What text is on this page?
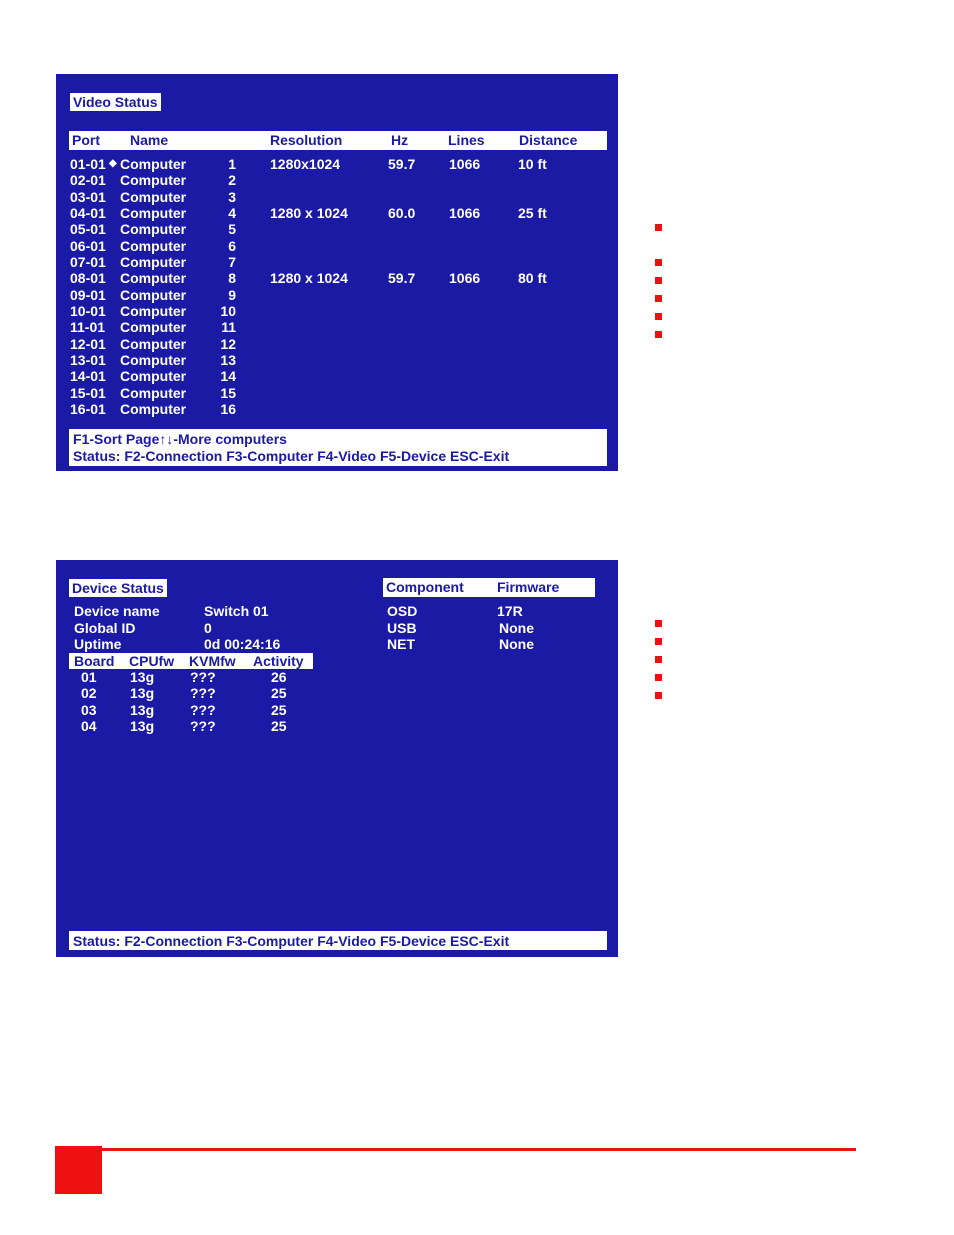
Video Status
Port Name	Resolution	Hz	Lines Distance
01-01 ◆ Computer	1 1280x1024	59.7 1066	10 ft
02-01 Computer	2
03-01 Computer	3
04-01 Computer	4 1280 x 1024	60.0 1066	25 ft
05-01 Computer	5
06-01 Computer	6
07-01 Computer	7
08-01 Computer	8 1280 x 1024	59.7 1066	80 ft
09-01 Computer	9
10-01 Computer 10
11-01 Computer	11
12-01 Computer 12
13-01 Computer 13
14-01 Computer 14
15-01 Computer 15
16-01 Computer 16
F1-Sort Page↑↓-More computers
Status: F2-Connection F3-Computer F4-Video F5-Device ESC-Exit
Device Status
Device name	Switch 01
Global ID	0
Uptime	0d 00:24:16
Board CPUfw KVMfw Activity
01 13g	???	26
02 13g	???	25
03 13g	???	25
04 13g	???	25
Component Firmware
OSD	17R
USB	None
NET	None
Status: F2-Connection F3-Computer F4-Video F5-Device ESC-Exit
